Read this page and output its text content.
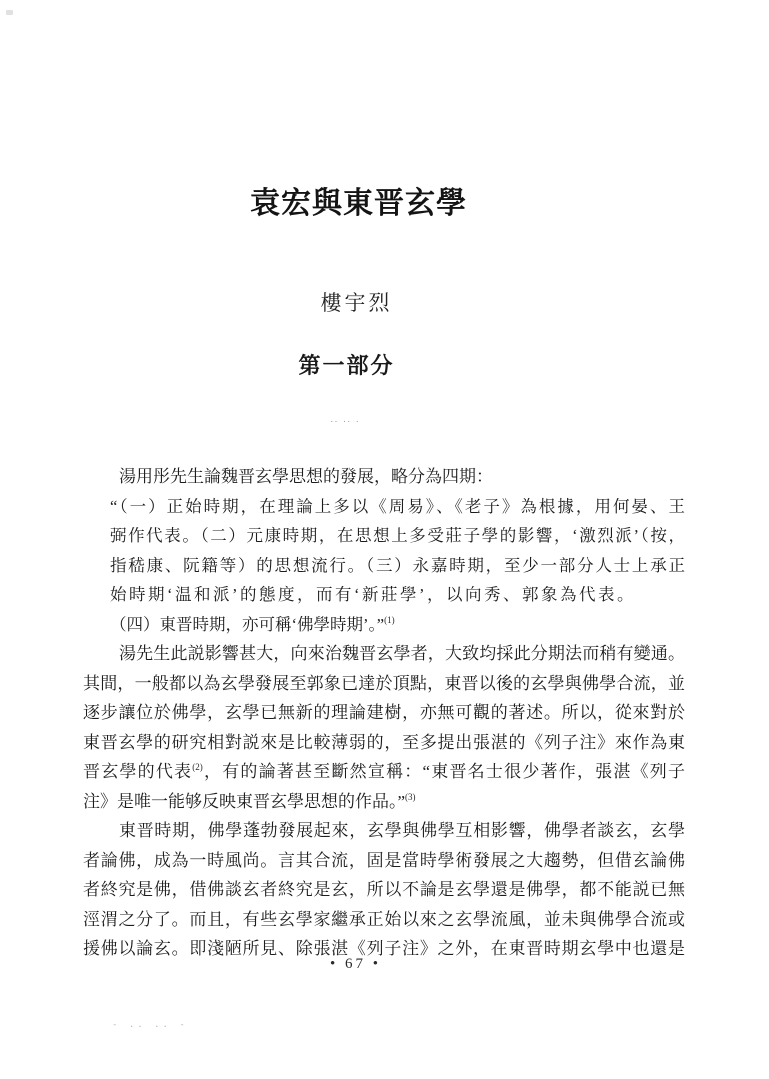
袁宏與東晋玄學
樓宇烈
第一部分
.. .. .
湯用彤先生論魏晋玄學思想的發展，略分為四期：
“（一）正始時期，在理論上多以《周易》、《老子》為根據，用何晏、王
弼作代表。（二）元康時期，在思想上多受莊子學的影響，‘激烈派’（按，
指嵇康、阮籍等）的思想流行。（三）永嘉時期，至少一部分人士上承正
始時期‘温和派’的態度，而有‘新莊學’，以向秀、郭象為代表。
（四）東晋時期，亦可稱‘佛學時期’。”$^{(1)}$
湯先生此説影響甚大，向來治魏晋玄學者，大致均採此分期法而稍有變通。
其間，一般都以為玄學發展至郭象已達於頂點，東晋以後的玄學與佛學合流，並
逐步讓位於佛學，玄學已無新的理論建樹，亦無可觀的著述。所以，從來對於
東晋玄學的研究相對説來是比較薄弱的，至多提出張湛的《列子注》來作為東
晋玄學的代表$^{(2)}$，有的論著甚至斷然宣稱：“東晋名士很少著作，張湛《列子
注》是唯一能够反映東晋玄學思想的作品。”$^{(3)}$
東晋時期，佛學蓬勃發展起來，玄學與佛學互相影響，佛學者談玄，玄學
者論佛，成為一時風尚。言其合流，固是當時學術發展之大趨勢，但借玄論佛
者終究是佛，借佛談玄者終究是玄，所以不論是玄學還是佛學，都不能説已無
涇渭之分了。而且，有些玄學家繼承正始以來之玄學流風，並未與佛學合流或
援佛以論玄。即淺陋所見、除張湛《列子注》之外，在東晋時期玄學中也還是
• 67 •
- .. .. -
